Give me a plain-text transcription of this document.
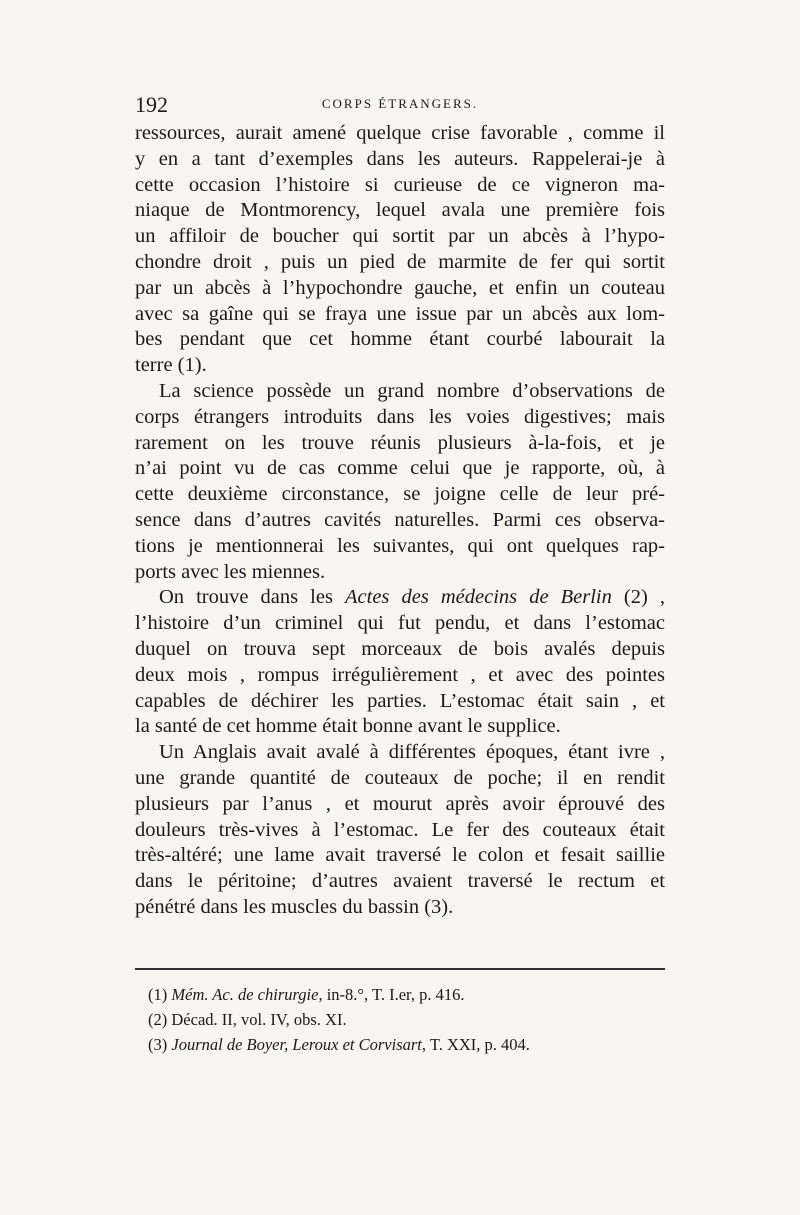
192	CORPS ÉTRANGERS.

ressources, aurait amené quelque crise favorable , comme il
y en a tant d’exemples dans les auteurs. Rappelerai-je à
cette occasion l’histoire si curieuse de ce vigneron ma-
niaque de Montmorency, lequel avala une première fois
un affiloir de boucher qui sortit par un abcès à l’hypo-
chondre droit , puis un pied de marmite de fer qui sortit
par un abcès à l’hypochondre gauche, et enfin un couteau
avec sa gaîne qui se fraya une issue par un abcès aux lom-
bes pendant que cet homme étant courbé labourait la
terre (1).

La science possède un grand nombre d’observations de
corps étrangers introduits dans les voies digestives; mais
rarement on les trouve réunis plusieurs à-la-fois, et je
n’ai point vu de cas comme celui que je rapporte, où, à
cette deuxième circonstance, se joigne celle de leur pré-
sence dans d’autres cavités naturelles. Parmi ces observa-
tions je mentionnerai les suivantes, qui ont quelques rap-
ports avec les miennes.

On trouve dans les Actes des médecins de Berlin (2) ,
l’histoire d’un criminel qui fut pendu, et dans l’estomac
duquel on trouva sept morceaux de bois avalés depuis
deux mois , rompus irrégulièrement , et avec des pointes
capables de déchirer les parties. L’estomac était sain , et
la santé de cet homme était bonne avant le supplice.

Un Anglais avait avalé à différentes époques, étant ivre ,
une grande quantité de couteaux de poche; il en rendit
plusieurs par l’anus , et mourut après avoir éprouvé des
douleurs très-vives à l’estomac. Le fer des couteaux était
très-altéré; une lame avait traversé le colon et fesait saillie
dans le péritoine; d’autres avaient traversé le rectum et
pénétré dans les muscles du bassin (3).

(1) Mém. Ac. de chirurgie, in-8.°, T. I.er, p. 416.
(2) Décad. II, vol. IV, obs. XI.
(3) Journal de Boyer, Leroux et Corvisart, T. XXI, p. 404.
